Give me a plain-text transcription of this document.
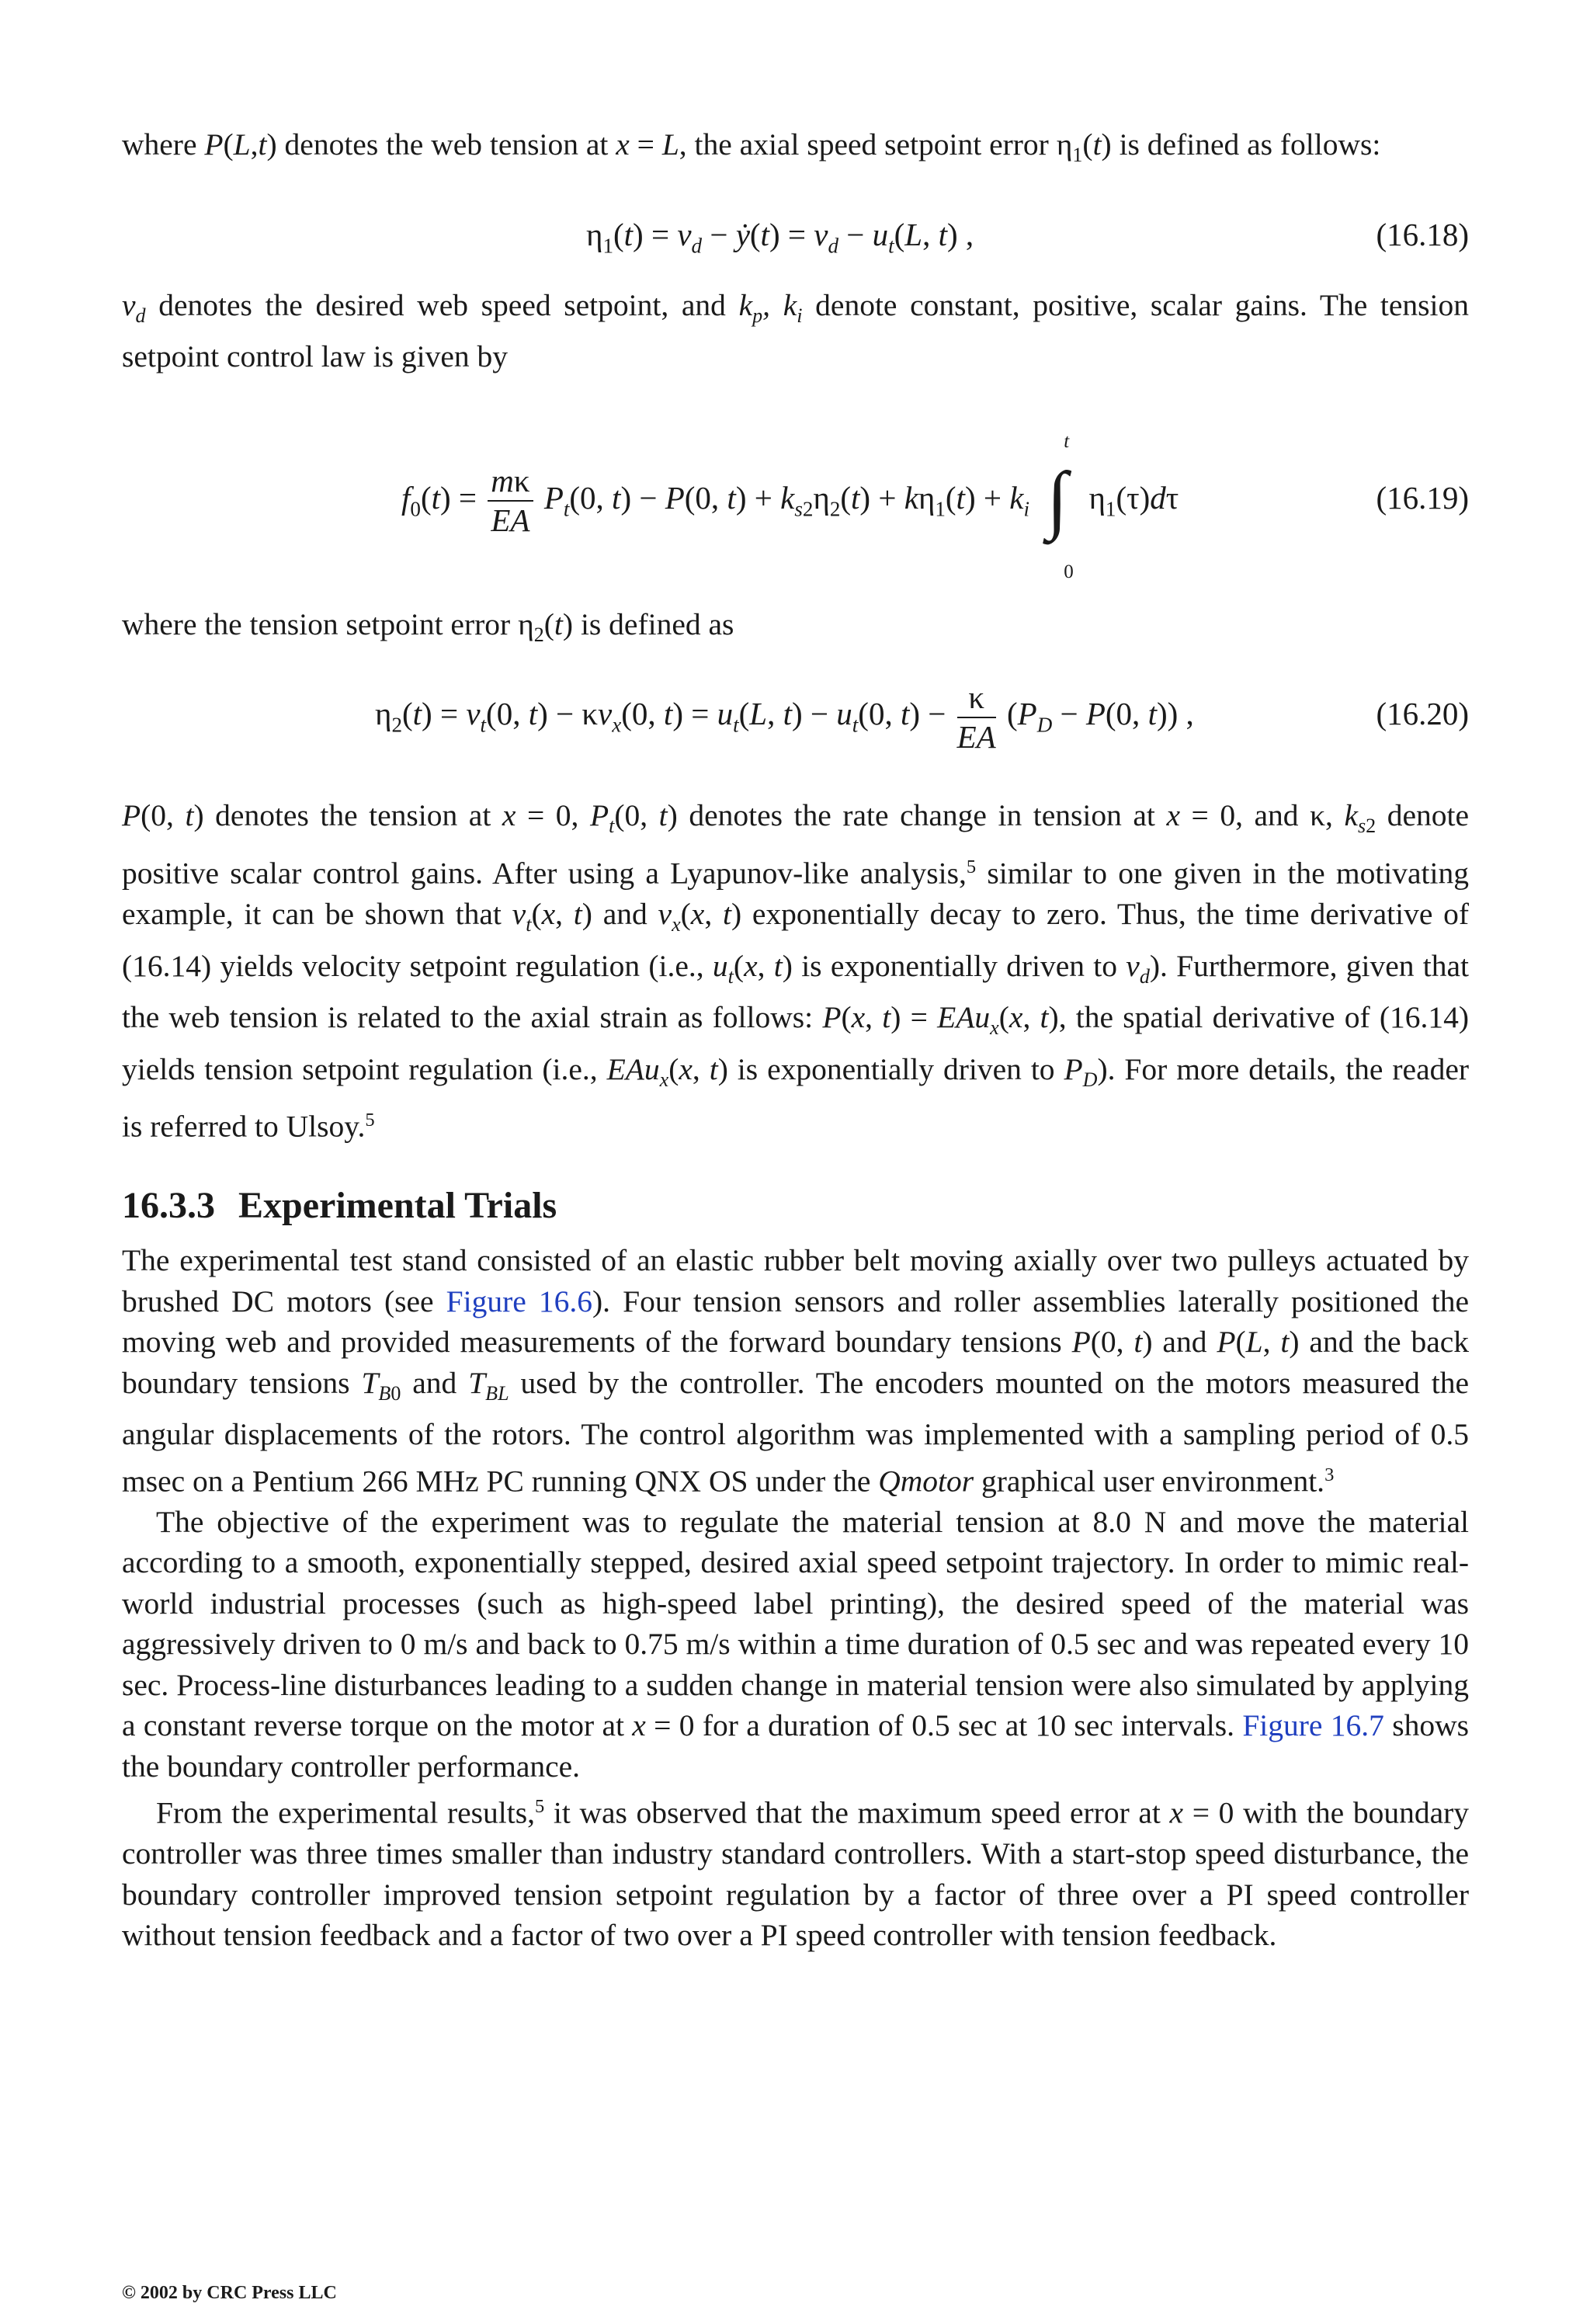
where P(L,t) denotes the web tension at x = L, the axial speed setpoint error $\eta_1(t)$ is defined as follows:

$\eta_1(t) = v_d$ − ẏ(t) = $v_d - u_t(L$, t) ,	(16.18)

$v_d$ denotes the desired web speed setpoint, and $k_p$, $k_i$ denote constant, positive, scalar gains. The tension setpoint control law is given by

$f_0(t) = \frac{m\kappa}{EA} P_t(0$, t) − P(0, $t) + k_{s2}\eta_2(t) + k\eta_1(t) + k_i$ ∫
t
0
$\eta_1(\tau)d\tau$	(16.19)

where the tension setpoint error $\eta_2(t)$ is defined as

$\eta_2(t) = v_t(0$, $t) - \kappa v_x(0$, $t) = u_t(L$, $t) - u_t(0$, $t) - \frac{\kappa}{EA} (P_D - P(0$, t)) ,	(16.20)

P(0, t) denotes the tension at x = 0, $P_t(0$, t) denotes the rate change in tension at x = 0, and κ, $k_{s2}$ denote positive scalar control gains. After using a Lyapunov-like analysis,$^5$ similar to one given in the motivating example, it can be shown that $v_t(x$, t) and $v_x(x$, t) exponentially decay to zero. Thus, the time derivative of (16.14) yields velocity setpoint regulation (i.e., $u_t(x$, t) is exponentially driven to $v_d$). Furthermore, given that the web tension is related to the axial strain as follows: P(x, t) = EAu$_x$(x, t), the spatial derivative of (16.14) yields tension setpoint regulation (i.e., EAu$_x$(x, t) is exponentially driven to $P_D$). For more details, the reader is referred to Ulsoy.$^5$

16.3.3 Experimental Trials

The experimental test stand consisted of an elastic rubber belt moving axially over two pulleys actuated by brushed DC motors (see Figure 16.6). Four tension sensors and roller assemblies laterally positioned the moving web and provided measurements of the forward boundary tensions P(0, t) and P(L, t) and the back boundary tensions $T_{B0}$ and $T_{BL}$ used by the controller. The encoders mounted on the motors measured the angular displacements of the rotors. The control algorithm was implemented with a sampling period of 0.5 msec on a Pentium 266 MHz PC running QNX OS under the Qmotor graphical user environment.$^3$

The objective of the experiment was to regulate the material tension at 8.0 N and move the material according to a smooth, exponentially stepped, desired axial speed setpoint trajectory. In order to mimic real-world industrial processes (such as high-speed label printing), the desired speed of the material was aggressively driven to 0 m/s and back to 0.75 m/s within a time duration of 0.5 sec and was repeated every 10 sec. Process-line disturbances leading to a sudden change in material tension were also simulated by applying a constant reverse torque on the motor at x = 0 for a duration of 0.5 sec at 10 sec intervals. Figure 16.7 shows the boundary controller performance.

From the experimental results,$^5$ it was observed that the maximum speed error at x = 0 with the boundary controller was three times smaller than industry standard controllers. With a start-stop speed disturbance, the boundary controller improved tension setpoint regulation by a factor of three over a PI speed controller without tension feedback and a factor of two over a PI speed controller with tension feedback.

© 2002 by CRC Press LLC
